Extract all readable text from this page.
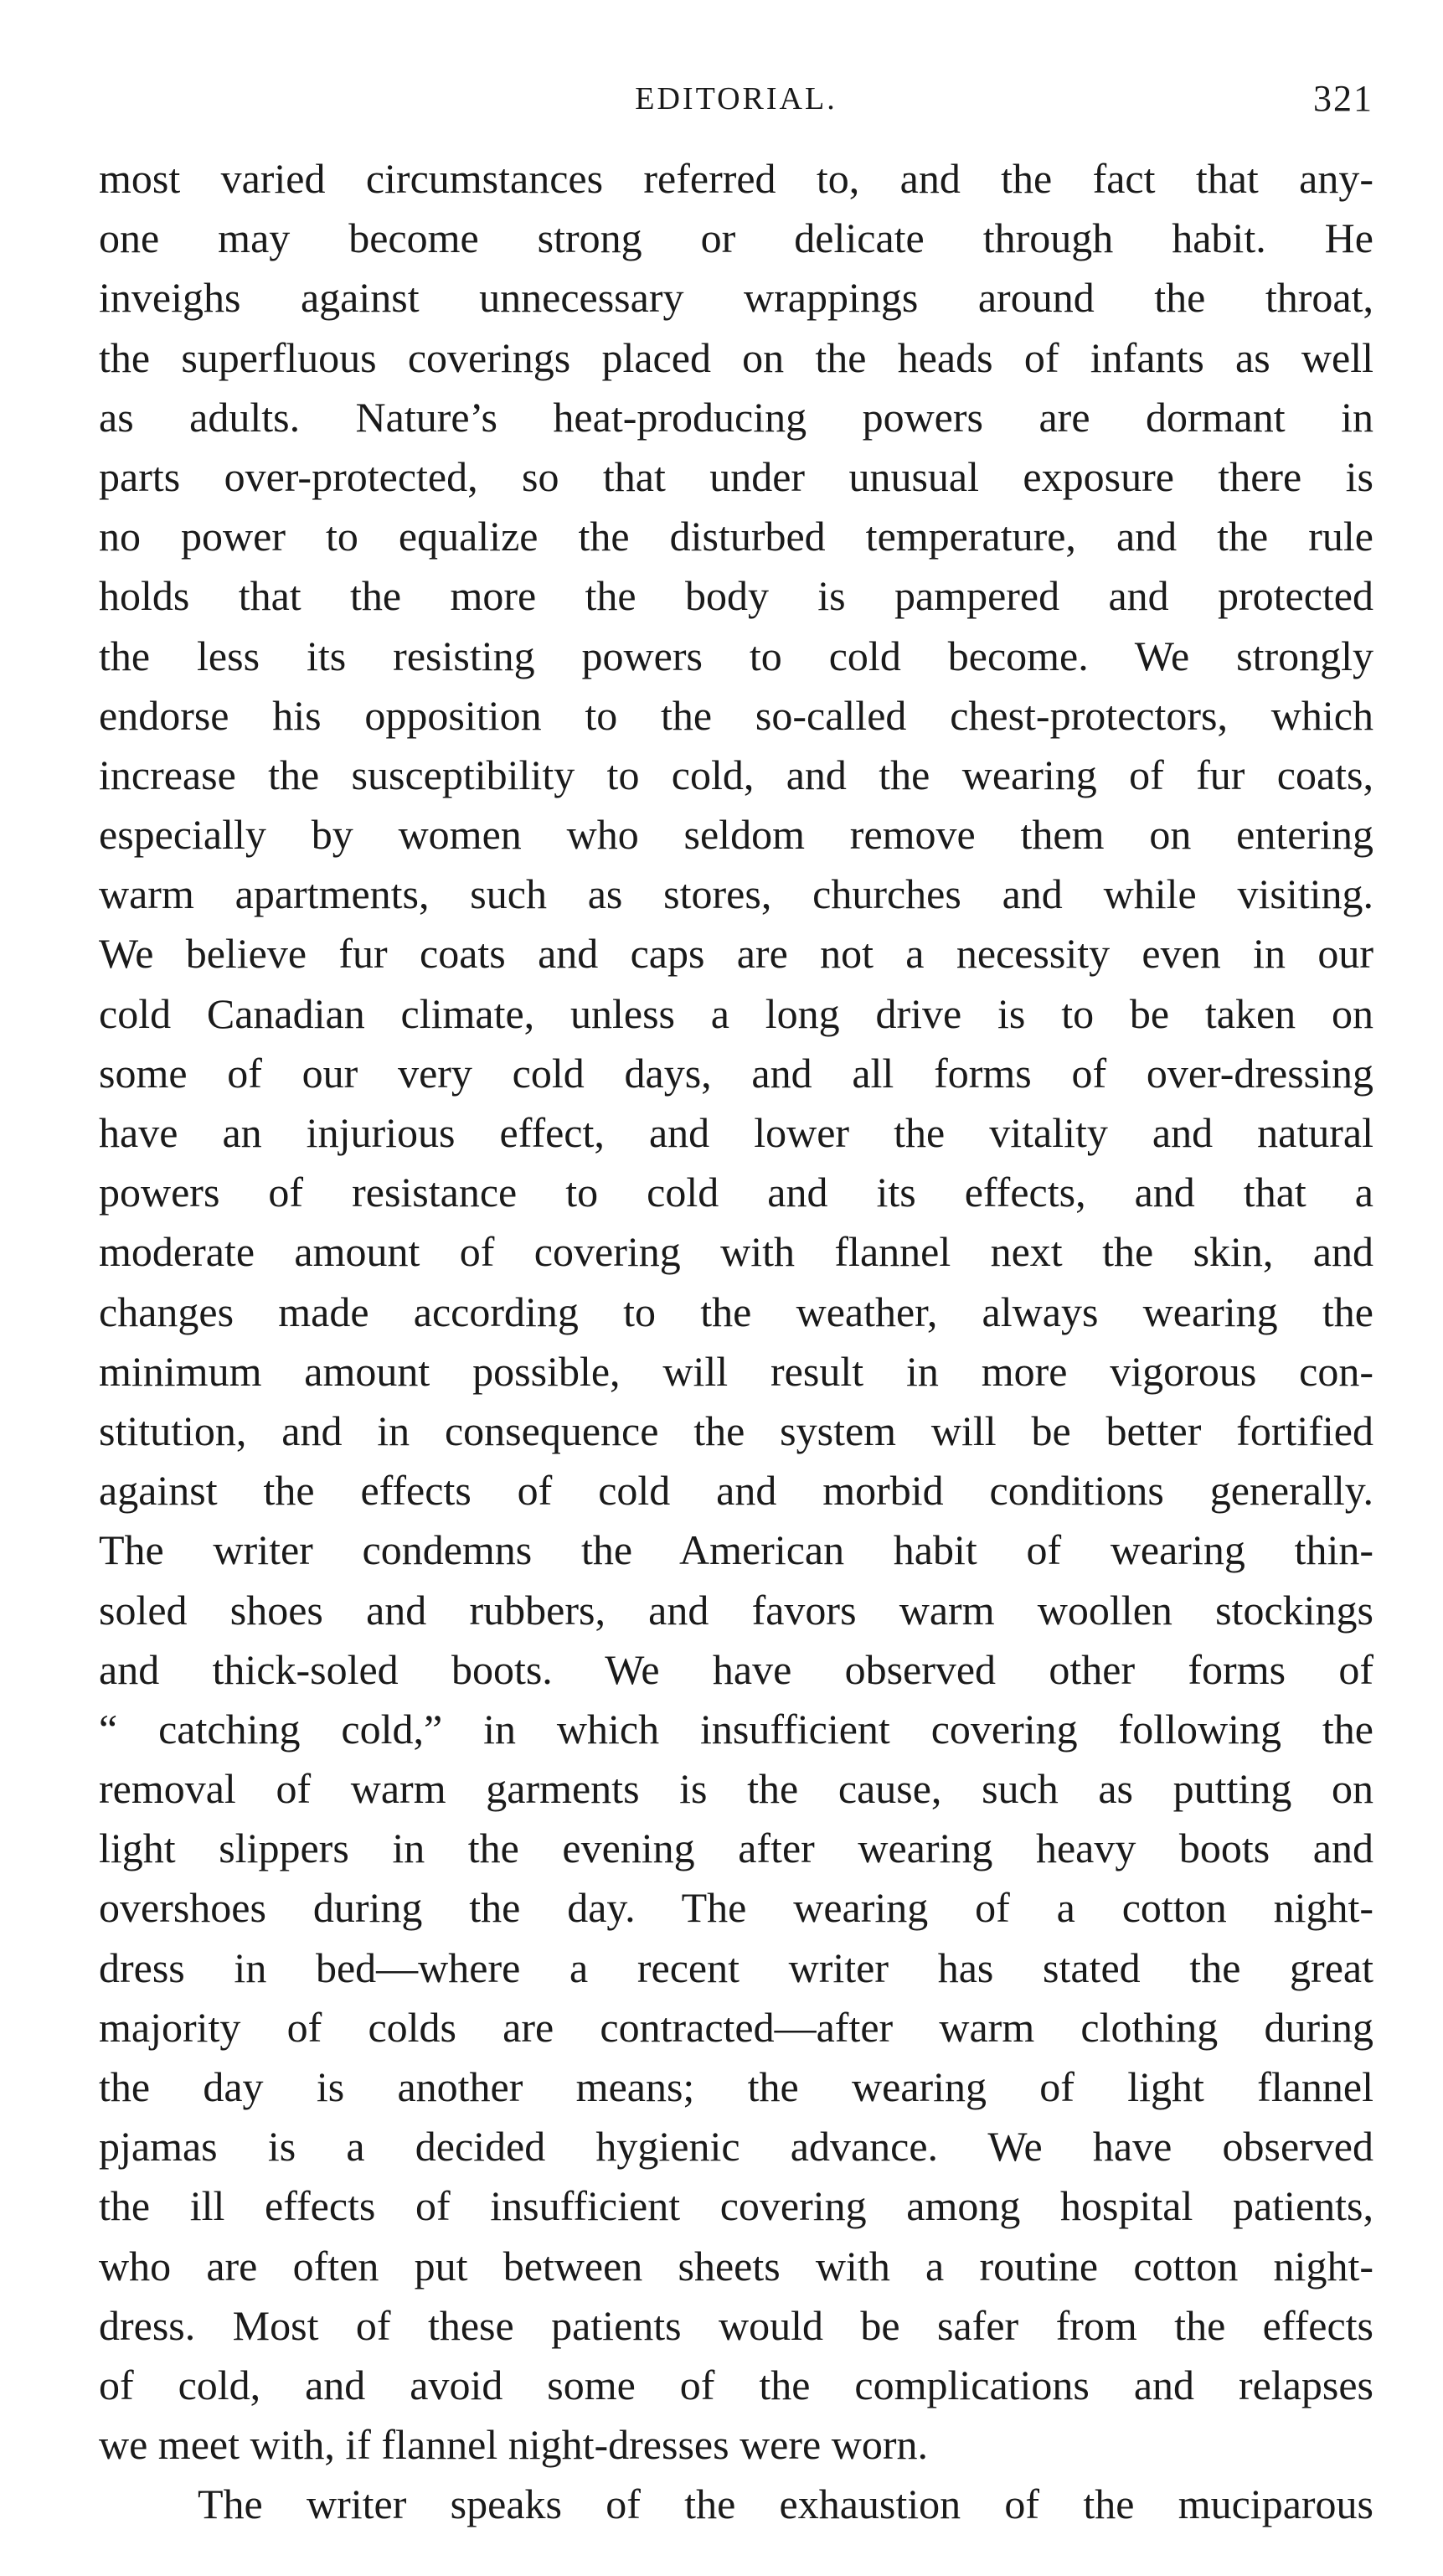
EDITORIAL.	321
most varied circumstances referred to, and the fact that any-
one may become strong or delicate through habit. He
inveighs against unnecessary wrappings around the throat,
the superfluous coverings placed on the heads of infants as well
as adults. Nature’s heat-producing powers are dormant in
parts over-protected, so that under unusual exposure there is
no power to equalize the disturbed temperature, and the rule
holds that the more the body is pampered and protected
the less its resisting powers to cold become. We strongly
endorse his opposition to the so-called chest-protectors, which
increase the susceptibility to cold, and the wearing of fur coats,
especially by women who seldom remove them on entering
warm apartments, such as stores, churches and while visiting.
We believe fur coats and caps are not a necessity even in our
cold Canadian climate, unless a long drive is to be taken on
some of our very cold days, and all forms of over-dressing
have an injurious effect, and lower the vitality and natural
powers of resistance to cold and its effects, and that a
moderate amount of covering with flannel next the skin, and
changes made according to the weather, always wearing the
minimum amount possible, will result in more vigorous con-
stitution, and in consequence the system will be better fortified
against the effects of cold and morbid conditions generally.
The writer condemns the American habit of wearing thin-
soled shoes and rubbers, and favors warm woollen stockings
and thick-soled boots. We have observed other forms of
“ catching cold,” in which insufficient covering following the
removal of warm garments is the cause, such as putting on
light slippers in the evening after wearing heavy boots and
overshoes during the day. The wearing of a cotton night-
dress in bed—where a recent writer has stated the great
majority of colds are contracted—after warm clothing during
the day is another means; the wearing of light flannel
pjamas is a decided hygienic advance. We have observed
the ill effects of insufficient covering among hospital patients,
who are often put between sheets with a routine cotton night-
dress. Most of these patients would be safer from the effects
of cold, and avoid some of the complications and relapses
we meet with, if flannel night-dresses were worn.
The writer speaks of the exhaustion of the muciparous
